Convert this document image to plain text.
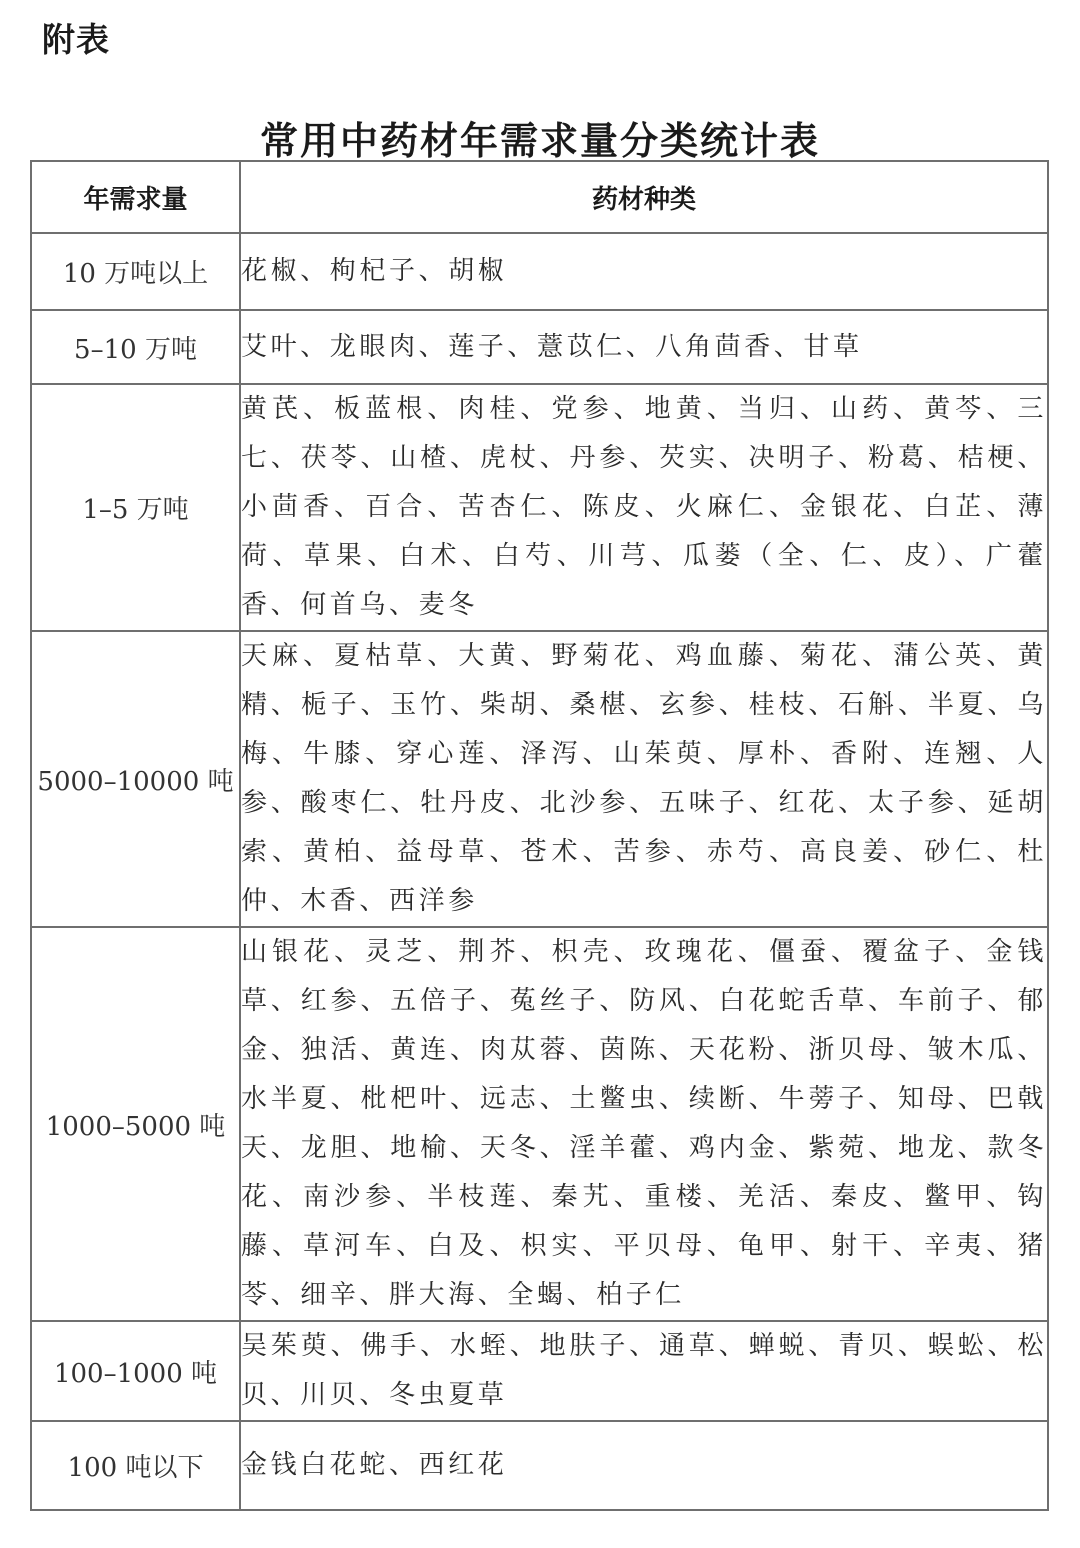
附表
常用中药材年需求量分类统计表
年需求量	药材种类
10 万吨以上	花椒、枸杞子、胡椒
5–10 万吨	艾叶、龙眼肉、莲子、薏苡仁、八角茴香、甘草
1–5 万吨	黄芪、板蓝根、肉桂、党参、地黄、当归、山药、黄芩、三七、茯苓、山楂、虎杖、丹参、芡实、决明子、粉葛、桔梗、小茴香、百合、苦杏仁、陈皮、火麻仁、金银花、白芷、薄荷、草果、白术、白芍、川芎、瓜蒌（全、仁、皮）、广藿香、何首乌、麦冬
5000–10000 吨	天麻、夏枯草、大黄、野菊花、鸡血藤、菊花、蒲公英、黄精、栀子、玉竹、柴胡、桑椹、玄参、桂枝、石斛、半夏、乌梅、牛膝、穿心莲、泽泻、山茱萸、厚朴、香附、连翘、人参、酸枣仁、牡丹皮、北沙参、五味子、红花、太子参、延胡索、黄柏、益母草、苍术、苦参、赤芍、高良姜、砂仁、杜仲、木香、西洋参
1000–5000 吨	山银花、灵芝、荆芥、枳壳、玫瑰花、僵蚕、覆盆子、金钱草、红参、五倍子、菟丝子、防风、白花蛇舌草、车前子、郁金、独活、黄连、肉苁蓉、茵陈、天花粉、浙贝母、皱木瓜、水半夏、枇杷叶、远志、土鳖虫、续断、牛蒡子、知母、巴戟天、龙胆、地榆、天冬、淫羊藿、鸡内金、紫菀、地龙、款冬花、南沙参、半枝莲、秦艽、重楼、羌活、秦皮、鳖甲、钩藤、草河车、白及、枳实、平贝母、龟甲、射干、辛夷、猪苓、细辛、胖大海、全蝎、柏子仁
100–1000 吨	吴茱萸、佛手、水蛭、地肤子、通草、蝉蜕、青贝、蜈蚣、松贝、川贝、冬虫夏草
100 吨以下	金钱白花蛇、西红花
